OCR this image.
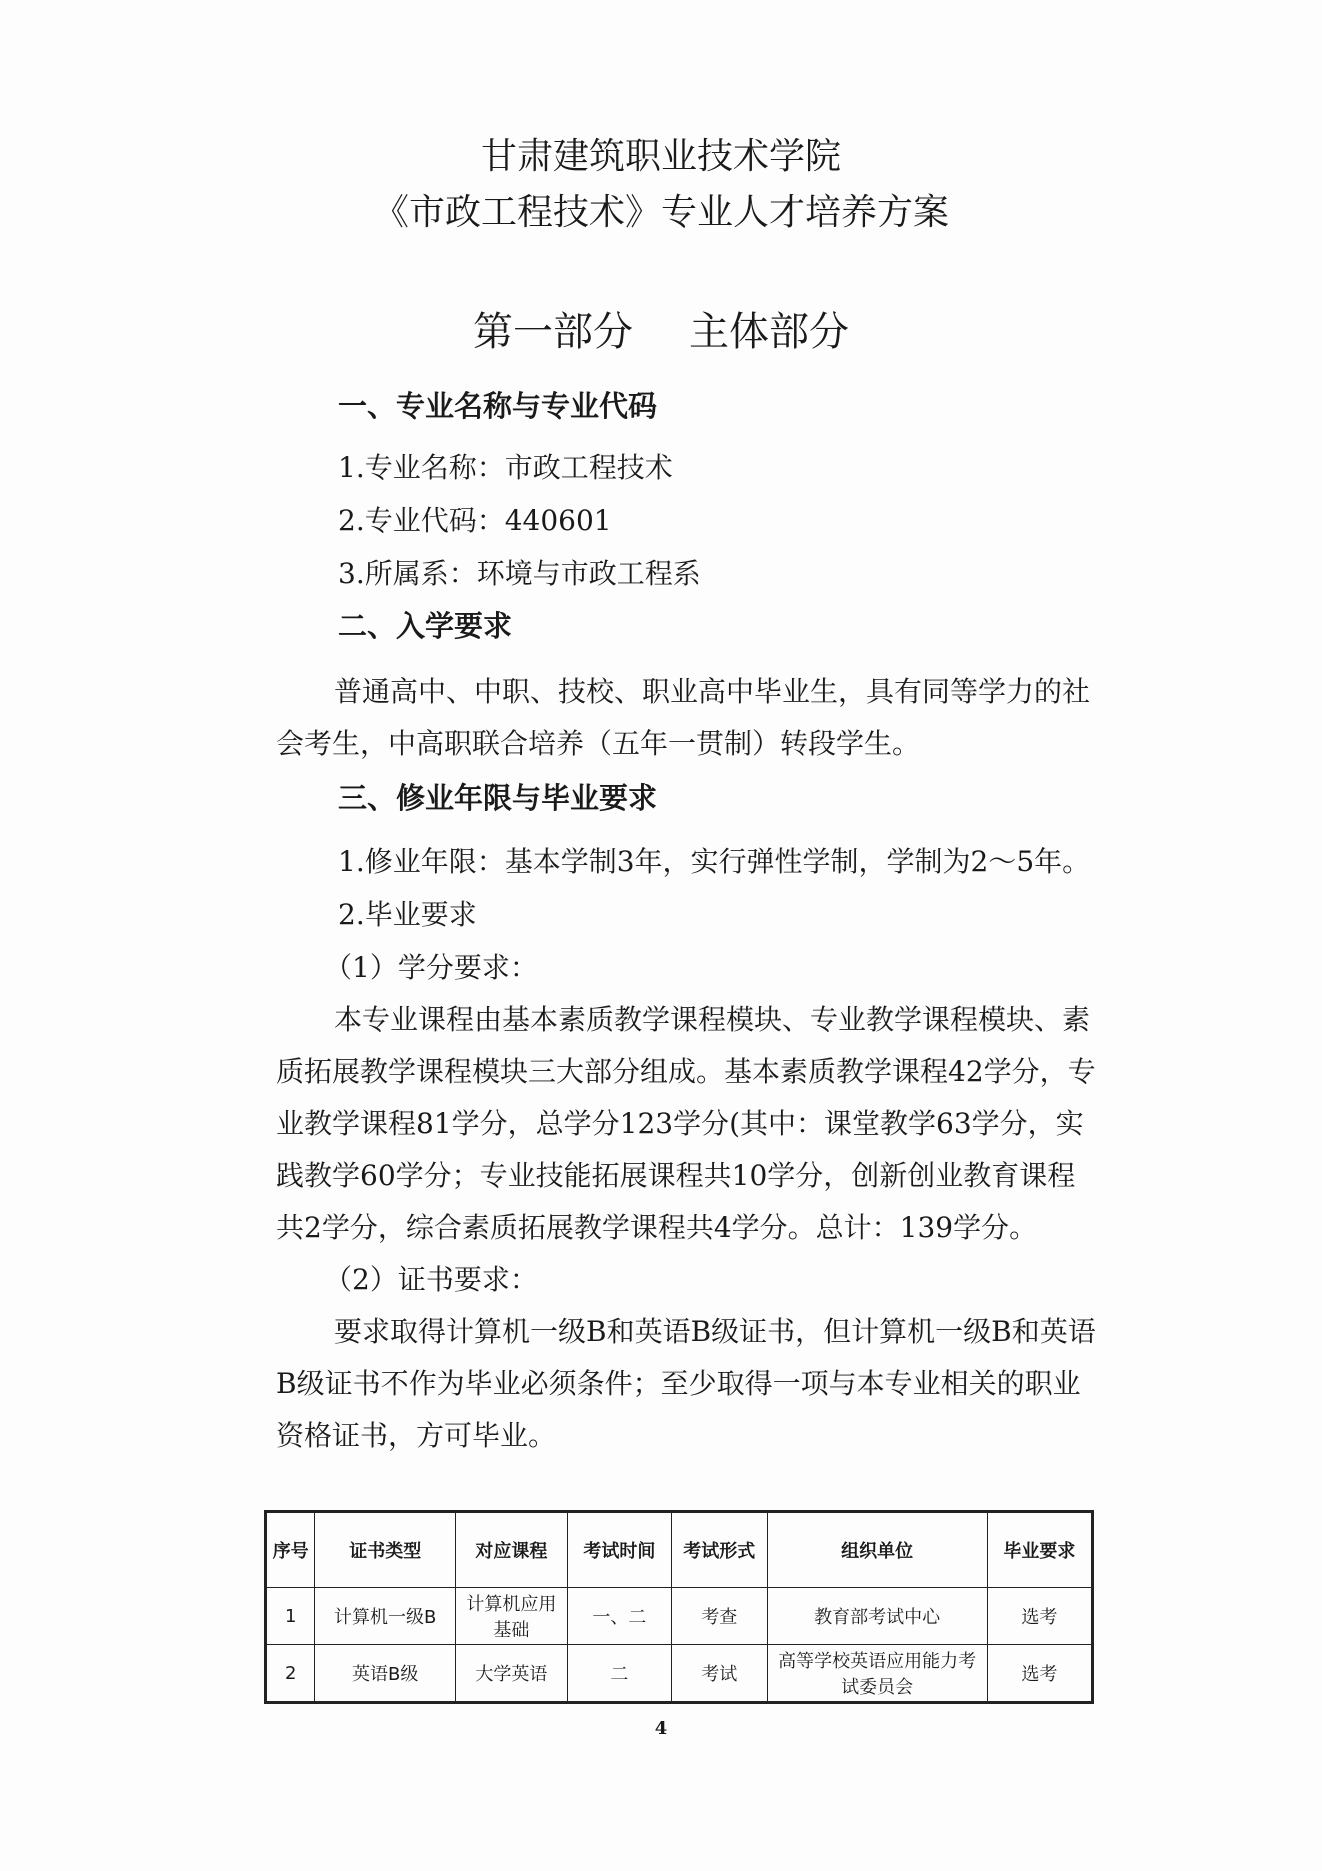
甘肃建筑职业技术学院
《市政工程技术》专业人才培养方案
第一部分 主体部分
一、专业名称与专业代码
1.专业名称：市政工程技术
2.专业代码：440601
3.所属系：环境与市政工程系
二、入学要求
普通高中、中职、技校、职业高中毕业生，具有同等学力的社会考生，中高职联合培养（五年一贯制）转段学生。
三、修业年限与毕业要求
1.修业年限：基本学制3年，实行弹性学制，学制为2～5年。
2.毕业要求
（1）学分要求：
本专业课程由基本素质教学课程模块、专业教学课程模块、素质拓展教学课程模块三大部分组成。基本素质教学课程42学分，专业教学课程81学分，总学分123学分(其中：课堂教学63学分，实践教学60学分；专业技能拓展课程共10学分，创新创业教育课程共2学分，综合素质拓展教学课程共4学分。总计：139学分。
（2）证书要求：
要求取得计算机一级B和英语B级证书，但计算机一级B和英语B级证书不作为毕业必须条件；至少取得一项与本专业相关的职业资格证书，方可毕业。
序号	证书类型	对应课程	考试时间	考试形式	组织单位	毕业要求
1	计算机一级B	计算机应用基础	一、二	考查	教育部考试中心	选考
2	英语B级	大学英语	二	考试	高等学校英语应用能力考试委员会	选考
4
